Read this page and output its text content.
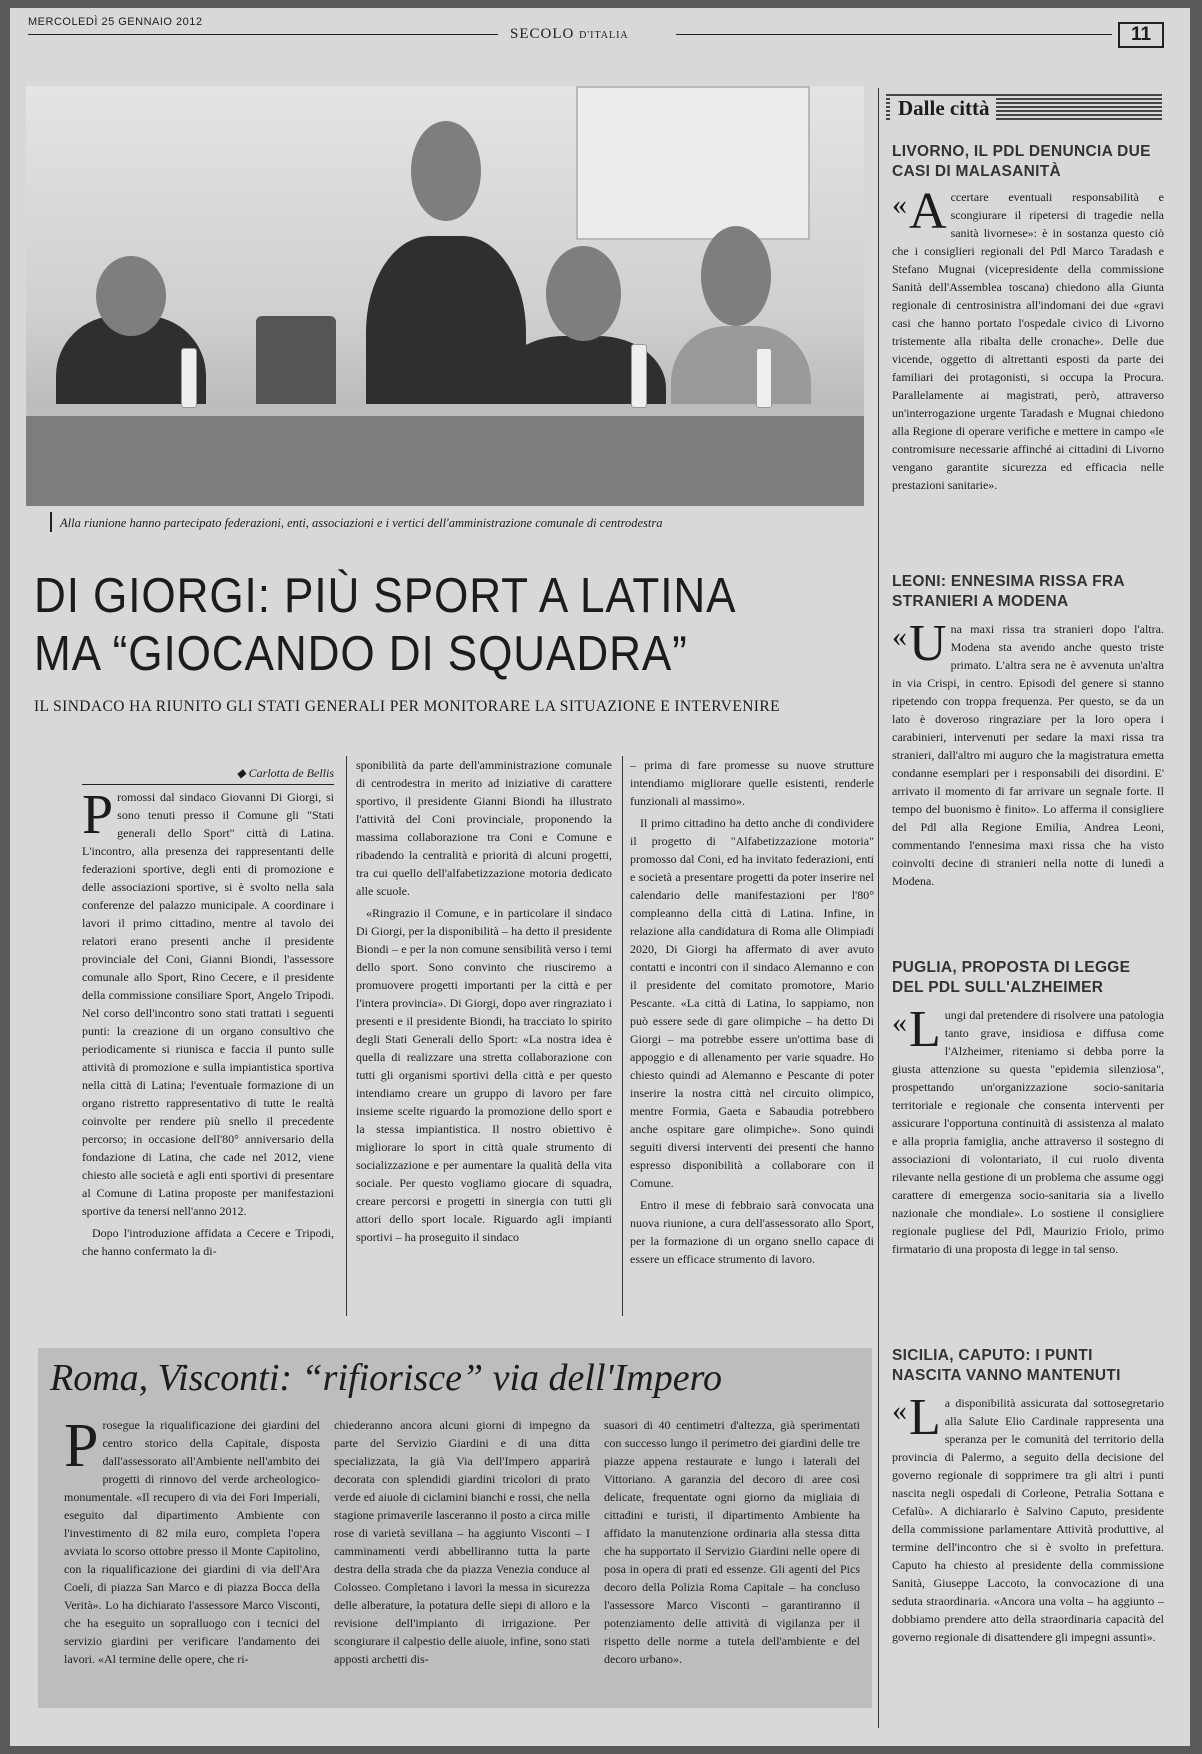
MERCOLEDÌ 25 GENNAIO 2012
SECOLO D'ITALIA	11
Alla riunione hanno partecipato federazioni, enti, associazioni e i vertici dell'amministrazione comunale di centrodestra
DI GIORGI: PIÙ SPORT A LATINA
MA “GIOCANDO DI SQUADRA”
IL SINDACO HA RIUNITO GLI STATI GENERALI PER MONITORARE LA SITUAZIONE E INTERVENIRE
◆ Carlotta de Bellis

Promossi dal sindaco Giovanni Di Giorgi, si sono tenuti presso il Comune gli "Stati generali dello Sport" città di Latina. L'incontro, alla presenza dei rappresentanti delle federazioni sportive, degli enti di promozione e delle associazioni sportive, si è svolto nella sala conferenze del palazzo municipale. A coordinare i lavori il primo cittadino, mentre al tavolo dei relatori erano presenti anche il presidente provinciale del Coni, Gianni Biondi, l'assessore comunale allo Sport, Rino Cecere, e il presidente della commissione consiliare Sport, Angelo Tripodi. Nel corso dell'incontro sono stati trattati i seguenti punti: la creazione di un organo consultivo che periodicamente si riunisca e faccia il punto sulle attività di promozione e sulla impiantistica sportiva nella città di Latina; l'eventuale formazione di un organo ristretto rappresentativo di tutte le realtà coinvolte per rendere più snello il precedente percorso; in occasione dell'80° anniversario della fondazione di Latina, che cade nel 2012, viene chiesto alle società e agli enti sportivi di presentare al Comune di Latina proposte per manifestazioni sportive da tenersi nell'anno 2012.

Dopo l'introduzione affidata a Cecere e Tripodi, che hanno confermato la di-

sponibilità da parte dell'amministrazione comunale di centrodestra in merito ad iniziative di carattere sportivo, il presidente Gianni Biondi ha illustrato l'attività del Coni provinciale, proponendo la massima collaborazione tra Coni e Comune e ribadendo la centralità e priorità di alcuni progetti, tra cui quello dell'alfabetizzazione motoria dedicato alle scuole.

«Ringrazio il Comune, e in particolare il sindaco Di Giorgi, per la disponibilità – ha detto il presidente Biondi – e per la non comune sensibilità verso i temi dello sport. Sono convinto che riusciremo a promuovere progetti importanti per la città e per l'intera provincia». Di Giorgi, dopo aver ringraziato i presenti e il presidente Biondi, ha tracciato lo spirito degli Stati Generali dello Sport: «La nostra idea è quella di realizzare una stretta collaborazione con tutti gli organismi sportivi della città e per questo intendiamo creare un gruppo di lavoro per fare insieme scelte riguardo la promozione dello sport e la stessa impiantistica. Il nostro obiettivo è migliorare lo sport in città quale strumento di socializzazione e per aumentare la qualità della vita sociale. Per questo vogliamo giocare di squadra, creare percorsi e progetti in sinergia con tutti gli attori dello sport locale. Riguardo agli impianti sportivi – ha proseguito il sindaco

– prima di fare promesse su nuove strutture intendiamo migliorare quelle esistenti, renderle funzionali al massimo».

Il primo cittadino ha detto anche di condividere il progetto di "Alfabetizzazione motoria" promosso dal Coni, ed ha invitato federazioni, enti e società a presentare progetti da poter inserire nel calendario delle manifestazioni per l'80° compleanno della città di Latina. Infine, in relazione alla candidatura di Roma alle Olimpiadi 2020, Di Giorgi ha affermato di aver avuto contatti e incontri con il sindaco Alemanno e con il presidente del comitato promotore, Mario Pescante. «La città di Latina, lo sappiamo, non può essere sede di gare olimpiche – ha detto Di Giorgi – ma potrebbe essere un'ottima base di appoggio e di allenamento per varie squadre. Ho chiesto quindi ad Alemanno e Pescante di poter inserire la nostra città nel circuito olimpico, mentre Formia, Gaeta e Sabaudia potrebbero anche ospitare gare olimpiche». Sono quindi seguiti diversi interventi dei presenti che hanno espresso disponibilità a collaborare con il Comune.

Entro il mese di febbraio sarà convocata una nuova riunione, a cura dell'assessorato allo Sport, per la formazione di un organo snello capace di essere un efficace strumento di lavoro.

Dalle città
LIVORNO, IL PDL DENUNCIA DUE CASI DI MALASANITÀ
« A ccertare eventuali responsabilità e scongiurare il ripetersi di tragedie nella sanità livornese»: è in sostanza questo ciò che i consiglieri regionali del Pdl Marco Taradash e Stefano Mugnai (vicepresidente della commissione Sanità dell'Assemblea toscana) chiedono alla Giunta regionale di centrosinistra all'indomani dei due «gravi casi che hanno portato l'ospedale civico di Livorno tristemente alla ribalta delle cronache». Delle due vicende, oggetto di altrettanti esposti da parte dei familiari dei protagonisti, si occupa la Procura. Parallelamente ai magistrati, però, attraverso un'interrogazione urgente Taradash e Mugnai chiedono alla Regione di operare verifiche e mettere in campo «le contromisure necessarie affinché ai cittadini di Livorno vengano garantite sicurezza ed efficacia nelle prestazioni sanitarie».
LEONI: ENNESIMA RISSA FRA STRANIERI A MODENA
« U na maxi rissa tra stranieri dopo l'altra. Modena sta avendo anche questo triste primato. L'altra sera ne è avvenuta un'altra in via Crispi, in centro. Episodi del genere si stanno ripetendo con troppa frequenza. Per questo, se da un lato è doveroso ringraziare per la loro opera i carabinieri, intervenuti per sedare la maxi rissa tra stranieri, dall'altro mi auguro che la magistratura emetta condanne esemplari per i responsabili dei disordini. E' arrivato il momento di far arrivare un segnale forte. Il tempo del buonismo è finito». Lo afferma il consigliere del Pdl alla Regione Emilia, Andrea Leoni, commentando l'ennesima maxi rissa che ha visto coinvolti decine di stranieri nella notte di lunedì a Modena.
PUGLIA, PROPOSTA DI LEGGE DEL PDL SULL'ALZHEIMER
« L ungi dal pretendere di risolvere una patologia tanto grave, insidiosa e diffusa come l'Alzheimer, riteniamo si debba porre la giusta attenzione su questa "epidemia silenziosa", prospettando un'organizzazione socio-sanitaria territoriale e regionale che consenta interventi per assicurare l'opportuna continuità di assistenza al malato e alla propria famiglia, anche attraverso il sostegno di associazioni di volontariato, il cui ruolo diventa rilevante nella gestione di un problema che assume oggi carattere di emergenza socio-sanitaria sia a livello nazionale che mondiale». Lo sostiene il consigliere regionale pugliese del Pdl, Maurizio Friolo, primo firmatario di una proposta di legge in tal senso.
SICILIA, CAPUTO: I PUNTI NASCITA VANNO MANTENUTI
« L a disponibilità assicurata dal sottosegretario alla Salute Elio Cardinale rappresenta una speranza per le comunità del territorio della provincia di Palermo, a seguito della decisione del governo regionale di sopprimere tra gli altri i punti nascita negli ospedali di Corleone, Petralia Sottana e Cefalù». A dichiararlo è Salvino Caputo, presidente della commissione parlamentare Attività produttive, al termine dell'incontro che si è svolto in prefettura. Caputo ha chiesto al presidente della commissione Sanità, Giuseppe Laccoto, la convocazione di una seduta straordinaria. «Ancora una volta – ha aggiunto – dobbiamo prendere atto della straordinaria capacità del governo regionale di disattendere gli impegni assunti».
Roma, Visconti: “rifiorisce” via dell'Impero

Prosegue la riqualificazione dei giardini del centro storico della Capitale, disposta dall'assessorato all'Ambiente nell'ambito dei progetti di rinnovo del verde archeologico-monumentale. «Il recupero di via dei Fori Imperiali, eseguito dal dipartimento Ambiente con l'investimento di 82 mila euro, completa l'opera avviata lo scorso ottobre presso il Monte Capitolino, con la riqualificazione dei giardini di via dell'Ara Coeli, di piazza San Marco e di piazza Bocca della Verità». Lo ha dichiarato l'assessore Marco Visconti, che ha eseguito un sopralluogo con i tecnici del servizio giardini per verificare l'andamento dei lavori. «Al termine delle opere, che ri-

chiederanno ancora alcuni giorni di impegno da parte del Servizio Giardini e di una ditta specializzata, la già Via dell'Impero apparirà decorata con splendidi giardini tricolori di prato verde ed aiuole di ciclamini bianchi e rossi, che nella stagione primaverile lasceranno il posto a circa mille rose di varietà sevillana – ha aggiunto Visconti – I camminamenti verdi abbelliranno tutta la parte destra della strada che da piazza Venezia conduce al Colosseo. Completano i lavori la messa in sicurezza delle alberature, la potatura delle siepi di alloro e la revisione dell'impianto di irrigazione. Per scongiurare il calpestio delle aiuole, infine, sono stati apposti archetti dis-

suasori di 40 centimetri d'altezza, già sperimentati con successo lungo il perimetro dei giardini delle tre piazze appena restaurate e lungo i laterali del Vittoriano. A garanzia del decoro di aree così delicate, frequentate ogni giorno da migliaia di cittadini e turisti, il dipartimento Ambiente ha affidato la manutenzione ordinaria alla stessa ditta che ha supportato il Servizio Giardini nelle opere di posa in opera di prati ed essenze. Gli agenti del Pics decoro della Polizia Roma Capitale – ha concluso l'assessore Marco Visconti – garantiranno il potenziamento delle attività di vigilanza per il rispetto delle norme a tutela dell'ambiente e del decoro urbano».
